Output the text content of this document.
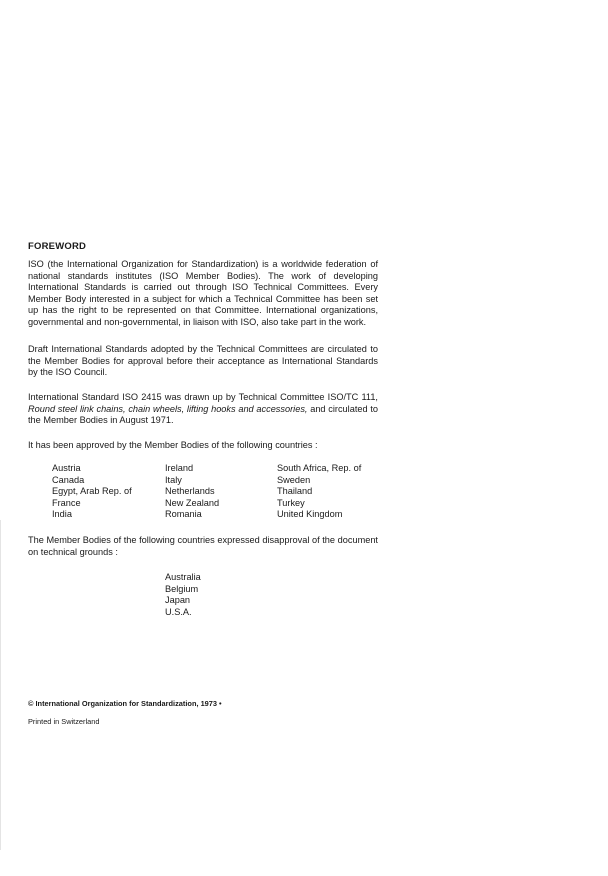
FOREWORD
ISO (the International Organization for Standardization) is a worldwide federation of national standards institutes (ISO Member Bodies). The work of developing International Standards is carried out through ISO Technical Committees. Every Member Body interested in a subject for which a Technical Committee has been set up has the right to be represented on that Committee. International organizations, governmental and non-governmental, in liaison with ISO, also take part in the work.
Draft International Standards adopted by the Technical Committees are circulated to the Member Bodies for approval before their acceptance as International Standards by the ISO Council.
International Standard ISO 2415 was drawn up by Technical Committee ISO/TC 111, Round steel link chains, chain wheels, lifting hooks and accessories, and circulated to the Member Bodies in August 1971.
It has been approved by the Member Bodies of the following countries :
Austria
Canada
Egypt, Arab Rep. of
France
India
Ireland
Italy
Netherlands
New Zealand
Romania
South Africa, Rep. of
Sweden
Thailand
Turkey
United Kingdom
The Member Bodies of the following countries expressed disapproval of the document on technical grounds :
Australia
Belgium
Japan
U.S.A.
© International Organization for Standardization, 1973 •
Printed in Switzerland
